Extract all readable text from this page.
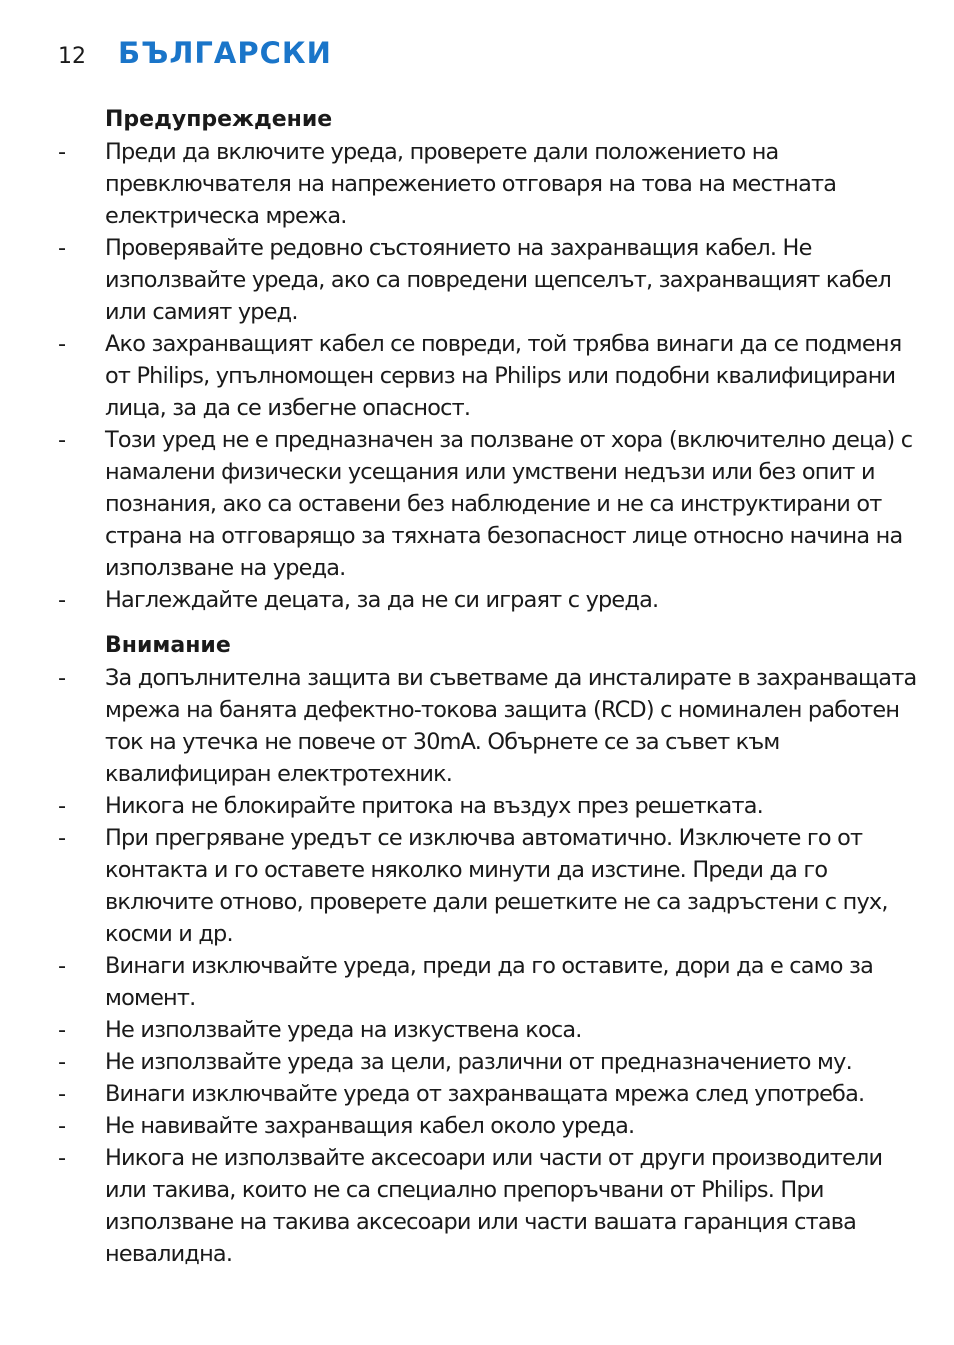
12	БЪЛГАРСКИ
Предупреждение
-	Преди да включите уреда, проверете дали положението на превключвателя на напрежението отговаря на това на местната електрическа мрежа.
-	Проверявайте редовно състоянието на захранващия кабел. Не използвайте уреда, ако са повредени щепселът, захранващият кабел или самият уред.
-	Ако захранващият кабел се повреди, той трябва винаги да се подменя от Philips, упълномощен сервиз на Philips или подобни квалифицирани лица, за да се избегне опасност.
-	Този уред не е предназначен за ползване от хора (включително деца) с намалени физически усещания или умствени недъзи или без опит и познания, ако са оставени без наблюдение и не са инструктирани от страна на отговарящо за тяхната безопасност лице относно начина на използване на уреда.
-	Наглеждайте децата, за да не си играят с уреда.
Внимание
-	За допълнителна защита ви съветваме да инсталирате в захранващата мрежа на банята дефектно-токова защита (RCD) с номинален работен ток на утечка не повече от 30mA. Обърнете се за съвет към квалифициран електротехник.
-	Никога не блокирайте притока на въздух през решетката.
-	При прегряване уредът се изключва автоматично. Изключете го от контакта и го оставете няколко минути да изстине. Преди да го включите отново, проверете дали решетките не са задръстени с пух, косми и др.
-	Винаги изключвайте уреда, преди да го оставите, дори да е само за момент.
-	Не използвайте уреда на изкуствена коса.
-	Не използвайте уреда за цели, различни от предназначението му.
-	Винаги изключвайте уреда от захранващата мрежа след употреба.
-	Не навивайте захранващия кабел около уреда.
-	Никога не използвайте аксесоари или части от други производители или такива, които не са специално препоръчвани от Philips. При използване на такива аксесоари или части вашата гаранция става невалидна.
